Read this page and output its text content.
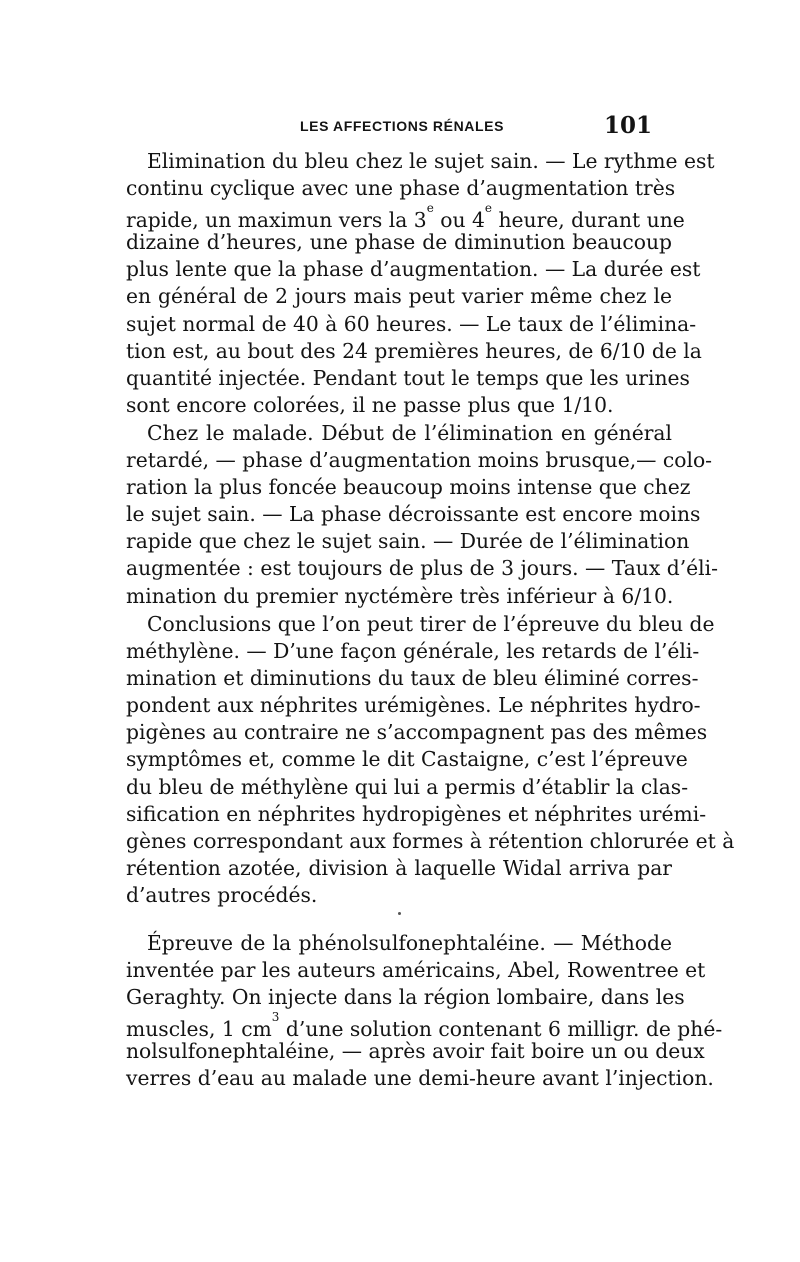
LES AFFECTIONS RÉNALES	101
Elimination du bleu chez le sujet sain. — Le rythme est
continu cyclique avec une phase d’augmentation très
rapide, un maximun vers la 3e ou 4e heure, durant une
dizaine d’heures, une phase de diminution beaucoup
plus lente que la phase d’augmentation. — La durée est
en général de 2 jours mais peut varier même chez le
sujet normal de 40 à 60 heures. — Le taux de l’élimina-
tion est, au bout des 24 premières heures, de 6/10 de la
quantité injectée. Pendant tout le temps que les urines
sont encore colorées, il ne passe plus que 1/10.
Chez le malade. Début de l’élimination en général
retardé, — phase d’augmentation moins brusque,— colo-
ration la plus foncée beaucoup moins intense que chez
le sujet sain. — La phase décroissante est encore moins
rapide que chez le sujet sain. — Durée de l’élimination
augmentée : est toujours de plus de 3 jours. — Taux d’éli-
mination du premier nyctémère très inférieur à 6/10.
Conclusions que l’on peut tirer de l’épreuve du bleu de
méthylène. — D’une façon générale, les retards de l’éli-
mination et diminutions du taux de bleu éliminé corres-
pondent aux néphrites urémigènes. Le néphrites hydro-
pigènes au contraire ne s’accompagnent pas des mêmes
symptômes et, comme le dit Castaigne, c’est l’épreuve
du bleu de méthylène qui lui a permis d’établir la clas-
sification en néphrites hydropigènes et néphrites urémi-
gènes correspondant aux formes à rétention chlorurée et à
rétention azotée, division à laquelle Widal arriva par
d’autres procédés.
Épreuve de la phénolsulfonephtaléine. — Méthode
inventée par les auteurs américains, Abel, Rowentree et
Geraghty. On injecte dans la région lombaire, dans les
muscles, 1 $cm^3$ d’une solution contenant 6 milligr. de phé-
nolsulfonephtaléine, — après avoir fait boire un ou deux
verres d’eau au malade une demi-heure avant l’injection.
